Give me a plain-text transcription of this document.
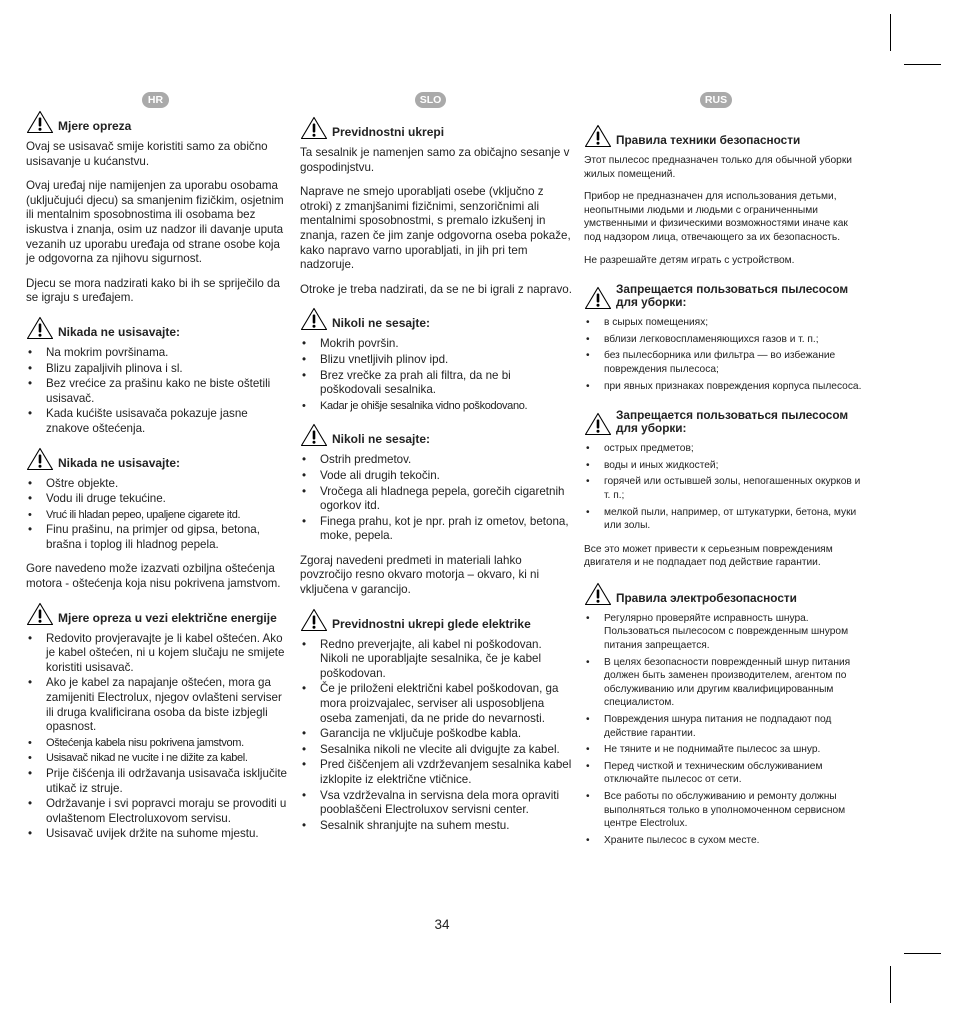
HR	SLO	RUS
Mjere opreza

Ovaj se usisavač smije koristiti samo za obično usisavanje u kućanstvu.

Ovaj uređaj nije namijenjen za uporabu osobama (uključujući djecu) sa smanjenim fizičkim, osjetnim ili mentalnim sposobnostima ili osobama bez iskustva i znanja, osim uz nadzor ili davanje uputa vezanih uz uporabu uređaja od strane osobe koja je odgovorna za njihovu sigurnost.

Djecu se mora nadzirati kako bi ih se spriječilo da se igraju s uređajem.

Nikada ne usisavajte:
• Na mokrim površinama.
• Blizu zapaljivih plinova i sl.
• Bez vrećice za prašinu kako ne biste oštetili usisavač.
• Kada kućište usisavača pokazuje jasne znakove oštećenja.
Nikada ne usisavajte:
• Oštre objekte.
• Vodu ili druge tekućine.
• Vruć ili hladan pepeo, upaljene cigarete itd.
• Finu prašinu, na primjer od gipsa, betona, brašna i toplog ili hladnog pepela.

Gore navedeno može izazvati ozbiljna oštećenja motora - oštećenja koja nisu pokrivena jamstvom.

Mjere opreza u vezi električne energije
• Redovito provjeravajte je li kabel oštećen. Ako je kabel oštećen, ni u kojem slučaju ne smijete koristiti usisavač.
• Ako je kabel za napajanje oštećen, mora ga zamijeniti Electrolux, njegov ovlašteni serviser ili druga kvalificirana osoba da biste izbjegli opasnost.
• Oštećenja kabela nisu pokrivena jamstvom.
• Usisavač nikad ne vucite i ne dižite za kabel.
• Prije čišćenja ili održavanja usisavača isključite utikač iz struje.
• Održavanje i svi popravci moraju se provoditi u ovlaštenom Electroluxovom servisu.
• Usisavač uvijek držite na suhome mjestu.
Previdnostni ukrepi

Ta sesalnik je namenjen samo za običajno sesanje v gospodinjstvu.

Naprave ne smejo uporabljati osebe (vključno z otroki) z zmanjšanimi fizičnimi, senzoričnimi ali mentalnimi sposobnostmi, s premalo izkušenj in znanja, razen če jim zanje odgovorna oseba pokaže, kako napravo varno uporabljati, in jih pri tem nadzoruje.

Otroke je treba nadzirati, da se ne bi igrali z napravo.

Nikoli ne sesajte:
• Mokrih površin.
• Blizu vnetljivih plinov ipd.
• Brez vrečke za prah ali filtra, da ne bi poškodovali sesalnika.
• Kadar je ohišje sesalnika vidno poškodovano.
Nikoli ne sesajte:
• Ostrih predmetov.
• Vode ali drugih tekočin.
• Vročega ali hladnega pepela, gorečih cigaretnih ogorkov itd.
• Finega prahu, kot je npr. prah iz ometov, betona, moke, pepela.

Zgoraj navedeni predmeti in materiali lahko povzročijo resno okvaro motorja – okvaro, ki ni vključena v garancijo.

Previdnostni ukrepi glede elektrike
• Redno preverjajte, ali kabel ni poškodovan. Nikoli ne uporabljajte sesalnika, če je kabel poškodovan.
• Če je priloženi električni kabel poškodovan, ga mora proizvajalec, serviser ali usposobljena oseba zamenjati, da ne pride do nevarnosti.
• Garancija ne vključuje poškodbe kabla.
• Sesalnika nikoli ne vlecite ali dvigujte za kabel.
• Pred čiščenjem ali vzdrževanjem sesalnika kabel izklopite iz električne vtičnice.
• Vsa vzdrževalna in servisna dela mora opraviti pooblaščeni Electroluxov servisni center.
• Sesalnik shranjujte na suhem mestu.
Правила техники безопасности

Этот пылесос предназначен только для обычной уборки жилых помещений.

Прибор не предназначен для использования детьми, неопытными людьми и людьми с ограниченными умственными и физическими возможностями иначе как под надзором лица, отвечающего за их безопасность.

Не разрешайте детям играть с устройством.

Запрещается пользоваться пылесосом для уборки:
• в сырых помещениях;
• вблизи легковоспламеняющихся газов и т. п.;
• без пылесборника или фильтра — во избежание повреждения пылесоса;
• при явных признаках повреждения корпуса пылесоса.
Запрещается пользоваться пылесосом для уборки:
• острых предметов;
• воды и иных жидкостей;
• горячей или остывшей золы, непогашенных окурков и т. п.;
• мелкой пыли, например, от штукатурки, бетона, муки или золы.

Все это может привести к серьезным повреждениям двигателя и не подпадает под действие гарантии.

Правила электробезопасности
• Регулярно проверяйте исправность шнура. Пользоваться пылесосом с поврежденным шнуром питания запрещается.
• В целях безопасности поврежденный шнур питания должен быть заменен производителем, агентом по обслуживанию или другим квалифицированным специалистом.
• Повреждения шнура питания не подпадают под действие гарантии.
• Не тяните и не поднимайте пылесос за шнур.
• Перед чисткой и техническим обслуживанием отключайте пылесос от сети.
• Все работы по обслуживанию и ремонту должны выполняться только в уполномоченном сервисном центре Electrolux.
• Храните пылесос в сухом месте.
34
